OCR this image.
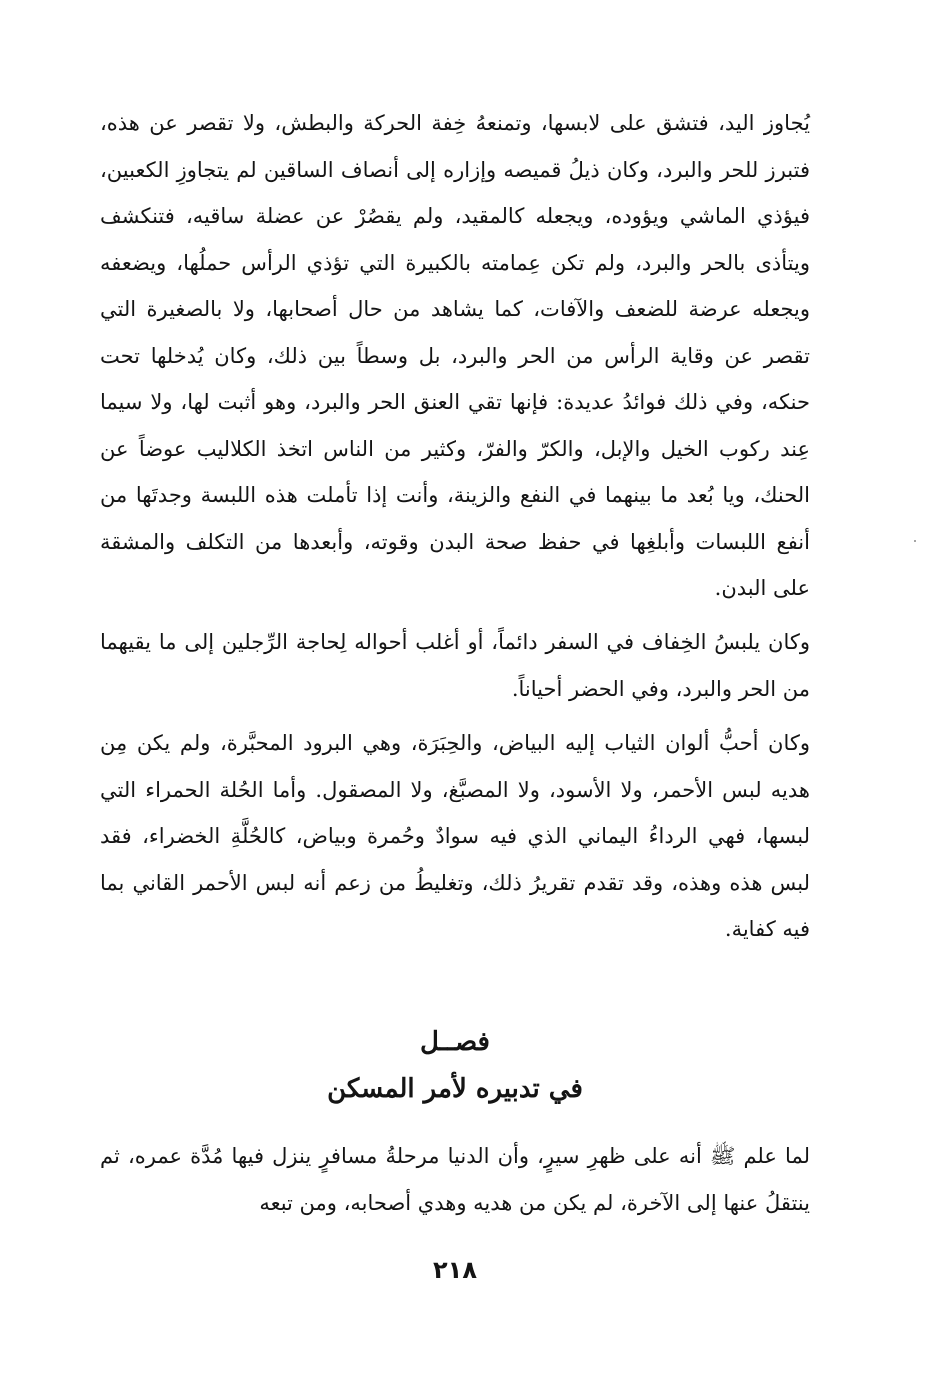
يُجاوز اليد، فتشق على لابسها، وتمنعهُ خِفة الحركة والبطش، ولا تقصر عن هذه، فتبرز للحر والبرد، وكان ذيلُ قميصه وإزاره إلى أنصاف الساقين لم يتجاوزِ الكعبين، فيؤذي الماشي ويؤوده، ويجعله كالمقيد، ولم يقصُرْ عن عضلة ساقيه، فتنكشف ويتأذى بالحر والبرد، ولم تكن عِمامته بالكبيرة التي تؤذي الرأس حملُها، ويضعفه ويجعله عرضة للضعف والآفات، كما يشاهد من حال أصحابها، ولا بالصغيرة التي تقصر عن وقاية الرأس من الحر والبرد، بل وسطاً بين ذلك، وكان يُدخلها تحت حنكه، وفي ذلك فوائدُ عديدة: فإنها تقي العنق الحر والبرد، وهو أثبت لها، ولا سيما عِند ركوب الخيل والإبل، والكرّ والفرّ، وكثير من الناس اتخذ الكلاليب عوضاً عن الحنك، ويا بُعد ما بينهما في النفع والزينة، وأنت إذا تأملت هذه اللبسة وجدتَها من أنفع اللبسات وأبلغِها في حفظ صحة البدن وقوته، وأبعدها من التكلف والمشقة على البدن.

وكان يلبسُ الخِفاف في السفر دائماً، أو أغلب أحواله لِحاجة الرِّجلين إلى ما يقيهما من الحر والبرد، وفي الحضر أحياناً.

وكان أحبُّ ألوان الثياب إليه البياض، والحِبَرَة، وهي البرود المحبَّرة، ولم يكن مِن هديه لبس الأحمر، ولا الأسود، ولا المصبَّغ، ولا المصقول. وأما الحُلة الحمراء التي لبسها، فهي الرداءُ اليماني الذي فيه سوادٌ وحُمرة وبياض، كالحُلَّةِ الخضراء، فقد لبس هذه وهذه، وقد تقدم تقريرُ ذلك، وتغليطُ من زعم أنه لبس الأحمر القاني بما فيه كفاية.

فصــل
في تدبيره لأمر المسكن

لما علم ﷺ أنه على ظهرِ سيرٍ، وأن الدنيا مرحلةُ مسافرٍ ينزل فيها مُدَّة عمره، ثم ينتقلُ عنها إلى الآخرة، لم يكن من هديه وهدي أصحابه، ومن تبعه

٢١٨
